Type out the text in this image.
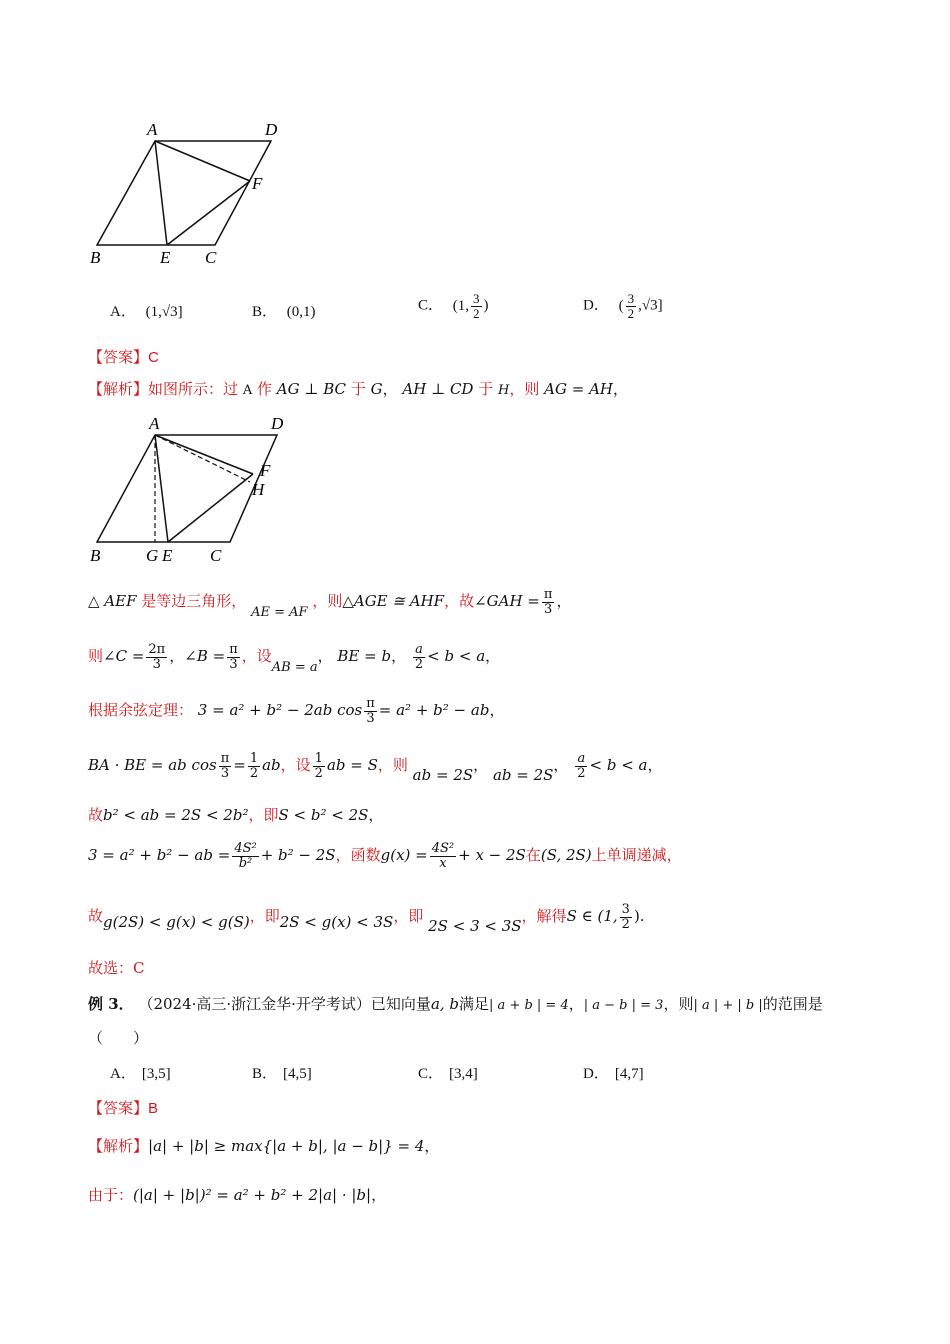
A	D
F
B	E C
A． (1,√3]	B． (0,1)	C． (1, $\frac{3}{2}$ )	D． ( $\frac{3}{2} ,√3$]
【答案】C
【解析】如图所示：过 A 作 AG ⊥ BC 于 G， AH ⊥ CD 于 H，则 AG = AH，
A	D
F
H
B	G E C
△ AEF 是等边三角形， AE = AF ，则△AGE ≅ AHF，故∠GAH = $\frac{\pi}{3}$ ，
则∠C = $\frac{2\pi}{3}$ ，∠B = $\frac{\pi}{3}$ ，设AB = a， BE = b， $\frac{a}{2} < b < a$，
根据余弦定理： 3 = a² + b² − 2ab $\cos \frac{\pi}{3} = a^2 + b^2$ − ab，
BA · BE = ab $\cos \frac{\pi}{3} = \frac{1}{2}$ ab，设 $\frac{1}{2}$ ab = S，则 ab = 2S， ab = 2S， $\frac{a}{2} < b < a$，
故b² < ab = 2S < 2b²，即S < b² < 2S，
3 = a² + b² − ab = $\frac{\text{4S²}}{\text{b²}} + b^2 - 2S$，函数$g(x) = \frac{\text{4S²}}{x} + x - 2S$在(S, 2S)上单调递减，
故g(2S) < g(x) < g(S)，即2S < g(x) < 3S，即 2S < 3 < 3S，解得S ∈ (1, $\frac{3}{2}$ ).
故选：C
例 3． （2024·高三·浙江金华·开学考试）已知向量a, b满足| a + b | = 4，| a − b | = 3，则| a | + | b |的范围是
（　　）
A． [3,5]	B． [4,5]	C． [3,4]	D． [4,7]
【答案】B
【解析】|a| + |b| ≥ max{|a + b|, |a − b|} = 4，
由于：(|a| + |b|)² = a² + b² + 2|a| · |b|，
